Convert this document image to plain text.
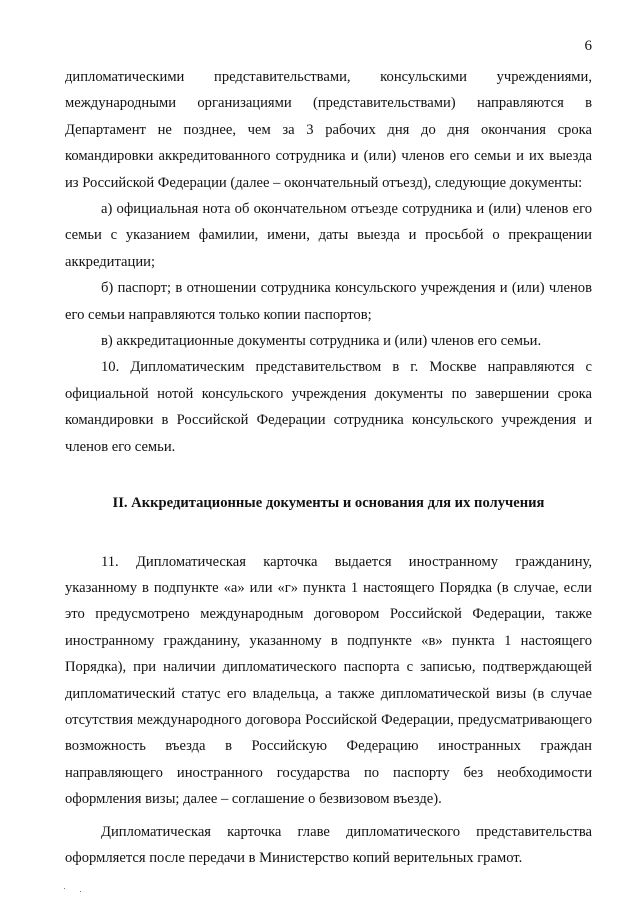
6

дипломатическими представительствами, консульскими учреждениями, международными организациями (представительствами) направляются в Департамент не позднее, чем за 3 рабочих дня до дня окончания срока командировки аккредитованного сотрудника и (или) членов его семьи и их выезда из Российской Федерации (далее – окончательный отъезд), следующие документы:

а) официальная нота об окончательном отъезде сотрудника и (или) членов его семьи с указанием фамилии, имени, даты выезда и просьбой о прекращении аккредитации;

б) паспорт; в отношении сотрудника консульского учреждения и (или) членов его семьи направляются только копии паспортов;

в) аккредитационные документы сотрудника и (или) членов его семьи.

10. Дипломатическим представительством в г. Москве направляются с официальной нотой консульского учреждения документы по завершении срока командировки в Российской Федерации сотрудника консульского учреждения и членов его семьи.

II. Аккредитационные документы и основания для их получения

11. Дипломатическая карточка выдается иностранному гражданину, указанному в подпункте «а» или «г» пункта 1 настоящего Порядка (в случае, если это предусмотрено международным договором Российской Федерации, также иностранному гражданину, указанному в подпункте «в» пункта 1 настоящего Порядка), при наличии дипломатического паспорта с записью, подтверждающей дипломатический статус его владельца, а также дипломатической визы (в случае отсутствия международного договора Российской Федерации, предусматривающего возможность въезда в Российскую Федерацию иностранных граждан направляющего иностранного государства по паспорту без необходимости оформления визы; далее – соглашение о безвизовом въезде).

Дипломатическая карточка главе дипломатического представительства оформляется после передачи в Министерство копий верительных грамот.
